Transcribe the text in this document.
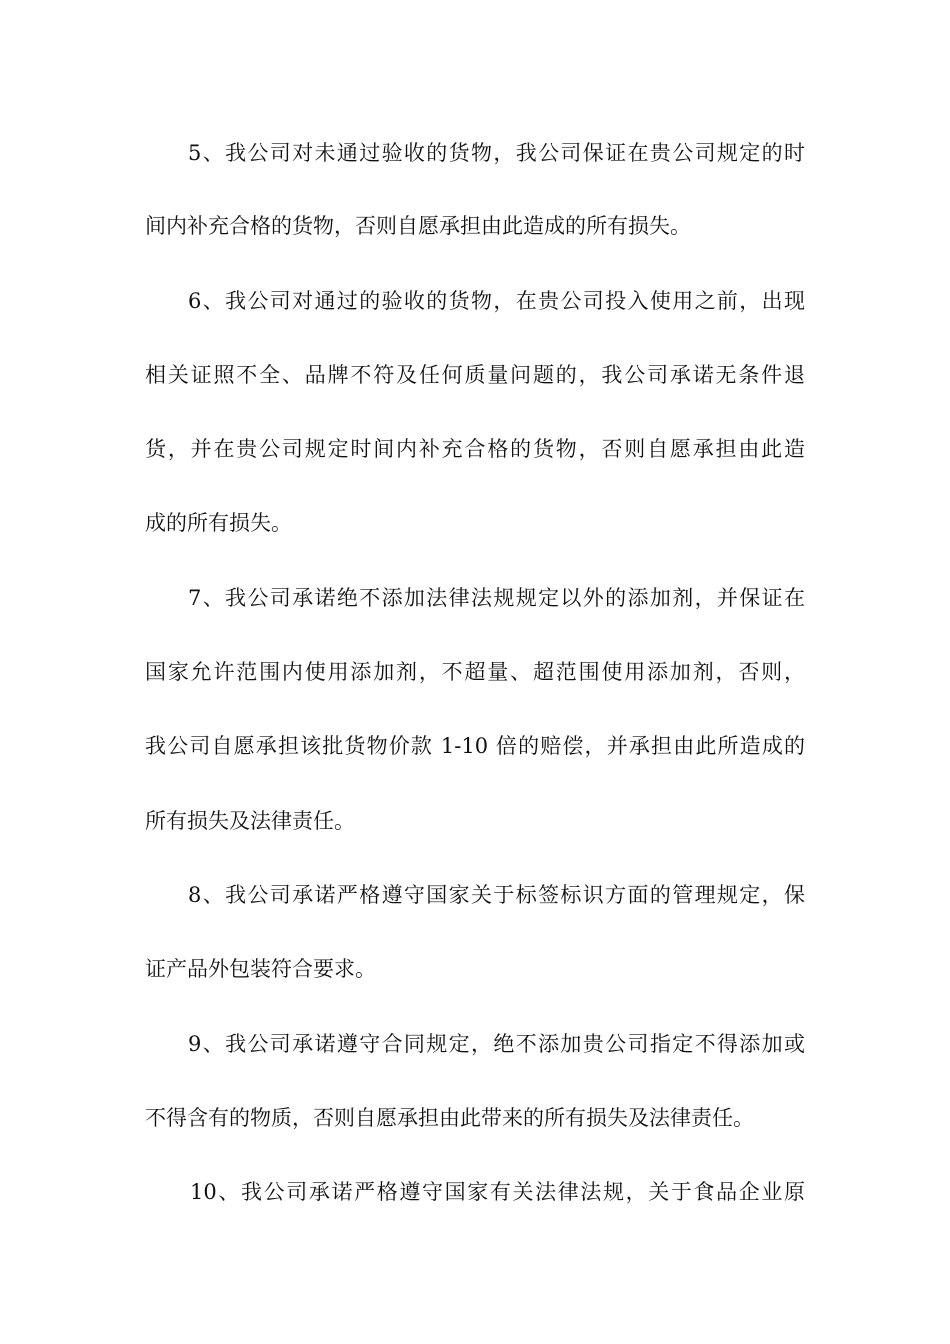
5、我公司对未通过验收的货物，我公司保证在贵公司规定的时
间内补充合格的货物，否则自愿承担由此造成的所有损失。
6、我公司对通过的验收的货物，在贵公司投入使用之前，出现
相关证照不全、品牌不符及任何质量问题的，我公司承诺无条件退
货，并在贵公司规定时间内补充合格的货物，否则自愿承担由此造
成的所有损失。
7、我公司承诺绝不添加法律法规规定以外的添加剂，并保证在
国家允许范围内使用添加剂，不超量、超范围使用添加剂，否则，
我公司自愿承担该批货物价款 1-10 倍的赔偿，并承担由此所造成的
所有损失及法律责任。
8、我公司承诺严格遵守国家关于标签标识方面的管理规定，保
证产品外包装符合要求。
9、我公司承诺遵守合同规定，绝不添加贵公司指定不得添加或
不得含有的物质，否则自愿承担由此带来的所有损失及法律责任。
10、我公司承诺严格遵守国家有关法律法规，关于食品企业原
